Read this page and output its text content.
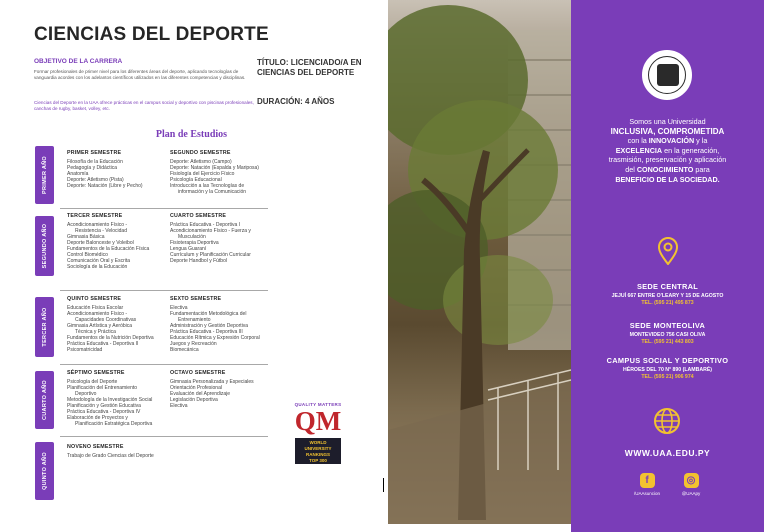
CIENCIAS DEL DEPORTE
OBJETIVO DE LA CARRERA
Formar profesionales de primer nivel para los diferentes áreas del deporte, aplicando tecnologías de vanguardia acordes con los adelantos científicos utilizados en las diferentes competencias y disciplinas.
Ciencias del Deporte en la UAA ofrece prácticas en el campus social y deportivo con piscinas profesionales, canchas de rugby, basket, volley, etc.
TÍTULO: LICENCIADO/A EN CIENCIAS DEL DEPORTE
DURACIÓN: 4 AÑOS
Plan de Estudios
PRIMER AÑO
PRIMER SEMESTRE
Filosofía de la Educación
Pedagogía y Didáctica
Anatomía
Deporte: Atletismo (Pista)
Deporte: Natación (Libre y Pecho)
SEGUNDO SEMESTRE
Deporte: Atletismo (Campo)
Deporte: Natación (Espalda y Mariposa)
Fisiología del Ejercicio Físico
Psicología Educacional
Introducción a las Tecnologías de
información y la Comunicación
SEGUNDO AÑO
TERCER SEMESTRE
Acondicionamiento Físico -
Resistencia - Velocidad
Gimnasia Básica
Deporte Balonceste y Voleibol
Fundamentos de la Educación Física
Control Biomédico
Comunicación Oral y Escrita
Sociología de la Educación
CUARTO SEMESTRE
Práctica Educativa - Deportiva I
Acondicionamiento Físico - Fuerza y
Musculación
Fisioterapia Deportiva
Lengua Guaraní
Currículum y Planificación Curricular
Deporte Handbol y Fútbol
TERCER AÑO
QUINTO SEMESTRE
Educación Física Escolar
Acondicionamiento Físico -
Capacidades Coordinativas
Gimnasia Artística y Aeróbica
Técnica y Práctica
Fundamentos de la Nutrición Deportiva
Práctica Educativa - Deportiva II
Psicomatricidad
SEXTO SEMESTRE
Electiva
Fundamentación Metodológica del
Entrenamiento
Administración y Gestión Deportiva
Práctica Educativa - Deportiva III
Educación Rítmica y Expresión Corporal
Juegos y Recreación
Biomecánica
CUARTO AÑO
SÉPTIMO SEMESTRE
Psicología del Deporte
Planificación del Entrenamiento
Deportivo
Metodología de la Investigación Social
Planificación y Gestión Educativa
Práctica Educativa - Deportiva IV
Elaboración de Proyectos y
Planificación Estratégica Deportiva
OCTAVO SEMESTRE
Gimnasia Personalizada y Especiales
Orientación Profesional
Evaluación del Aprendizaje
Legislación Deportiva
Electiva
QUINTO AÑO
NOVENO SEMESTRE
Trabajo de Grado Ciencias del Deporte
QUALITY MATTERS
QM
WORLD
UNIVERSITY
RANKINGS
TOP 300
Somos una Universidad
INCLUSIVA, COMPROMETIDA
con la INNOVACIÓN y la
EXCELENCIA en la generación,
trasmisión, preservación y aplicación
del CONOCIMIENTO para
BENEFICIO DE LA SOCIEDAD.
SEDE CENTRAL
JEJUÍ 667 ENTRE O'LEARY Y 15 DE AGOSTO
TEL. (595 21) 495 873
SEDE MONTEOLIVA
MONTEVIDEO 756 CASI OLIVA
TEL. (595 21) 443 803
CAMPUS SOCIAL Y DEPORTIVO
HÉROES DEL 70 N° 890 (LAMBARÉ)
TEL. (595 21) 906 974
WWW.UAA.EDU.PY
f
/UAAsuncion
◎
@UAApy
